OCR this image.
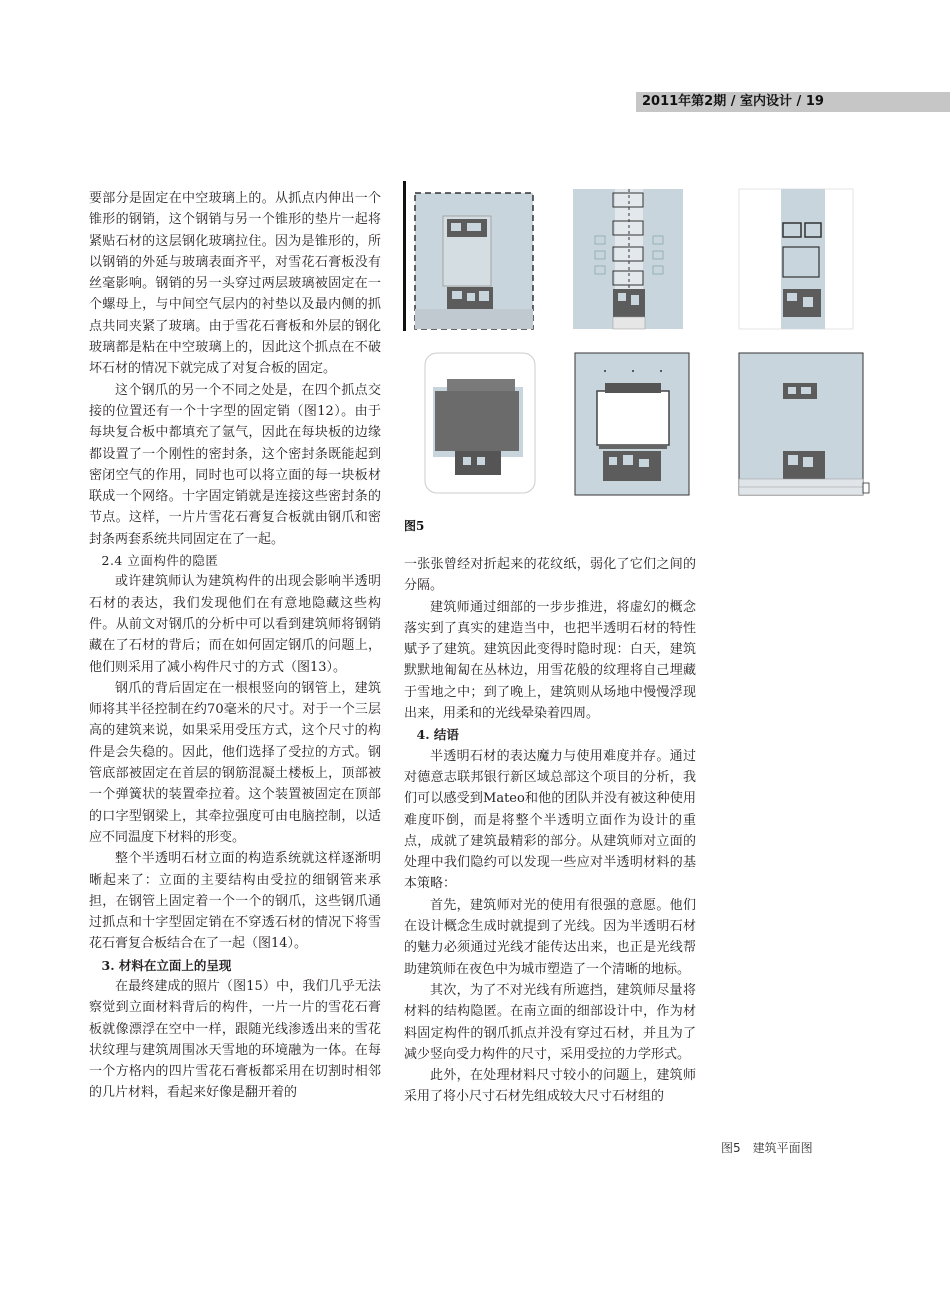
2011年第2期 / 室内设计 / 19

要部分是固定在中空玻璃上的。从抓点内伸出一个锥形的钢销，这个钢销与另一个锥形的垫片一起将紧贴石材的这层钢化玻璃拉住。因为是锥形的，所以钢销的外延与玻璃表面齐平，对雪花石膏板没有丝毫影响。钢销的另一头穿过两层玻璃被固定在一个螺母上，与中间空气层内的衬垫以及最内侧的抓点共同夹紧了玻璃。由于雪花石膏板和外层的钢化玻璃都是粘在中空玻璃上的，因此这个抓点在不破坏石材的情况下就完成了对复合板的固定。

这个钢爪的另一个不同之处是，在四个抓点交接的位置还有一个十字型的固定销（图12）。由于每块复合板中都填充了氩气，因此在每块板的边缘都设置了一个刚性的密封条，这个密封条既能起到密闭空气的作用，同时也可以将立面的每一块板材联成一个网络。十字固定销就是连接这些密封条的节点。这样，一片片雪花石膏复合板就由钢爪和密封条两套系统共同固定在了一起。

2.4 立面构件的隐匿

或许建筑师认为建筑构件的出现会影响半透明石材的表达，我们发现他们在有意地隐藏这些构件。从前文对钢爪的分析中可以看到建筑师将钢销藏在了石材的背后；而在如何固定钢爪的问题上，他们则采用了减小构件尺寸的方式（图13）。

钢爪的背后固定在一根根竖向的钢管上，建筑师将其半径控制在约70毫米的尺寸。对于一个三层高的建筑来说，如果采用受压方式，这个尺寸的构件是会失稳的。因此，他们选择了受拉的方式。钢管底部被固定在首层的钢筋混凝土楼板上，顶部被一个弹簧状的装置牵拉着。这个装置被固定在顶部的口字型钢梁上，其牵拉强度可由电脑控制，以适应不同温度下材料的形变。

整个半透明石材立面的构造系统就这样逐渐明晰起来了：立面的主要结构由受拉的细钢管来承担，在钢管上固定着一个一个的钢爪，这些钢爪通过抓点和十字型固定销在不穿透石材的情况下将雪花石膏复合板结合在了一起（图14）。

3. 材料在立面上的呈现

在最终建成的照片（图15）中，我们几乎无法察觉到立面材料背后的构件，一片一片的雪花石膏板就像漂浮在空中一样，跟随光线渗透出来的雪花状纹理与建筑周围冰天雪地的环境融为一体。在每一个方格内的四片雪花石膏板都采用在切割时相邻的几片材料，看起来好像是翻开着的

图5

一张张曾经对折起来的花纹纸，弱化了它们之间的分隔。

建筑师通过细部的一步步推进，将虚幻的概念落实到了真实的建造当中，也把半透明石材的特性赋予了建筑。建筑因此变得时隐时现：白天，建筑默默地匍匐在丛林边，用雪花般的纹理将自己埋藏于雪地之中；到了晚上，建筑则从场地中慢慢浮现出来，用柔和的光线晕染着四周。

4. 结语

半透明石材的表达魔力与使用难度并存。通过对德意志联邦银行新区域总部这个项目的分析，我们可以感受到Mateo和他的团队并没有被这种使用难度吓倒，而是将整个半透明立面作为设计的重点，成就了建筑最精彩的部分。从建筑师对立面的处理中我们隐约可以发现一些应对半透明材料的基本策略：

首先，建筑师对光的使用有很强的意愿。他们在设计概念生成时就提到了光线。因为半透明石材的魅力必须通过光线才能传达出来，也正是光线帮助建筑师在夜色中为城市塑造了一个清晰的地标。

其次，为了不对光线有所遮挡，建筑师尽量将材料的结构隐匿。在南立面的细部设计中，作为材料固定构件的钢爪抓点并没有穿过石材，并且为了减少竖向受力构件的尺寸，采用受拉的力学形式。

此外，在处理材料尺寸较小的问题上，建筑师采用了将小尺寸石材先组成较大尺寸石材组的

图5　建筑平面图
